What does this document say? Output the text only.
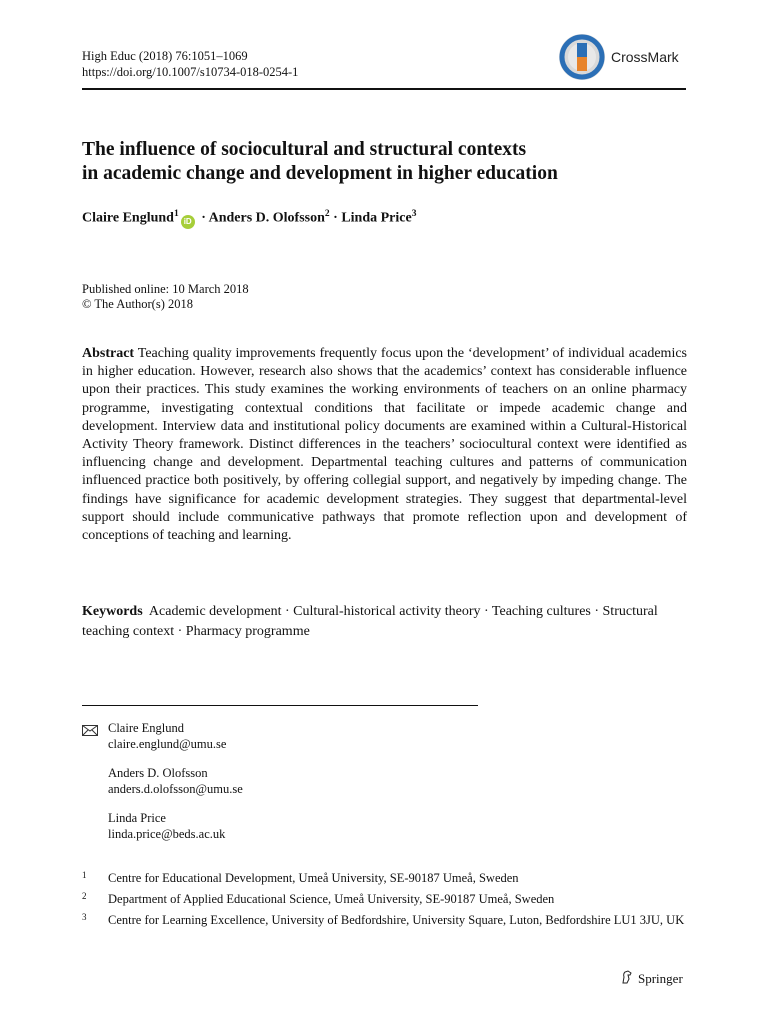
High Educ (2018) 76:1051–1069
https://doi.org/10.1007/s10734-018-0254-1
CrossMark
The influence of sociocultural and structural contexts
in academic change and development in higher education
Claire Englund$^1$iD · Anders D. Olofsson$^2$ · Linda Price$^3$
Published online: 10 March 2018
© The Author(s) 2018
Abstract Teaching quality improvements frequently focus upon the ‘development’ of individual academics in higher education. However, research also shows that the academics’ context has considerable influence upon their practices. This study examines the working environments of teachers on an online pharmacy programme, investigating contextual conditions that facilitate or impede academic change and development. Interview data and institutional policy documents are examined within a Cultural-Historical Activity Theory framework. Distinct differences in the teachers’ sociocultural context were identified as influencing change and development. Departmental teaching cultures and patterns of communication influenced practice both positively, by offering collegial support, and negatively by impeding change. The findings have significance for academic development strategies. They suggest that departmental-level support should include communicative pathways that promote reflection upon and development of conceptions of teaching and learning.
Keywords Academic development · Cultural-historical activity theory · Teaching cultures · Structural teaching context · Pharmacy programme
Claire Englund
claire.englund@umu.se
Anders D. Olofsson
anders.d.olofsson@umu.se
Linda Price
linda.price@beds.ac.uk
1 Centre for Educational Development, Umeå University, SE-90187 Umeå, Sweden
2 Department of Applied Educational Science, Umeå University, SE-90187 Umeå, Sweden
3 Centre for Learning Excellence, University of Bedfordshire, University Square, Luton, Bedfordshire LU1 3JU, UK
Springer
